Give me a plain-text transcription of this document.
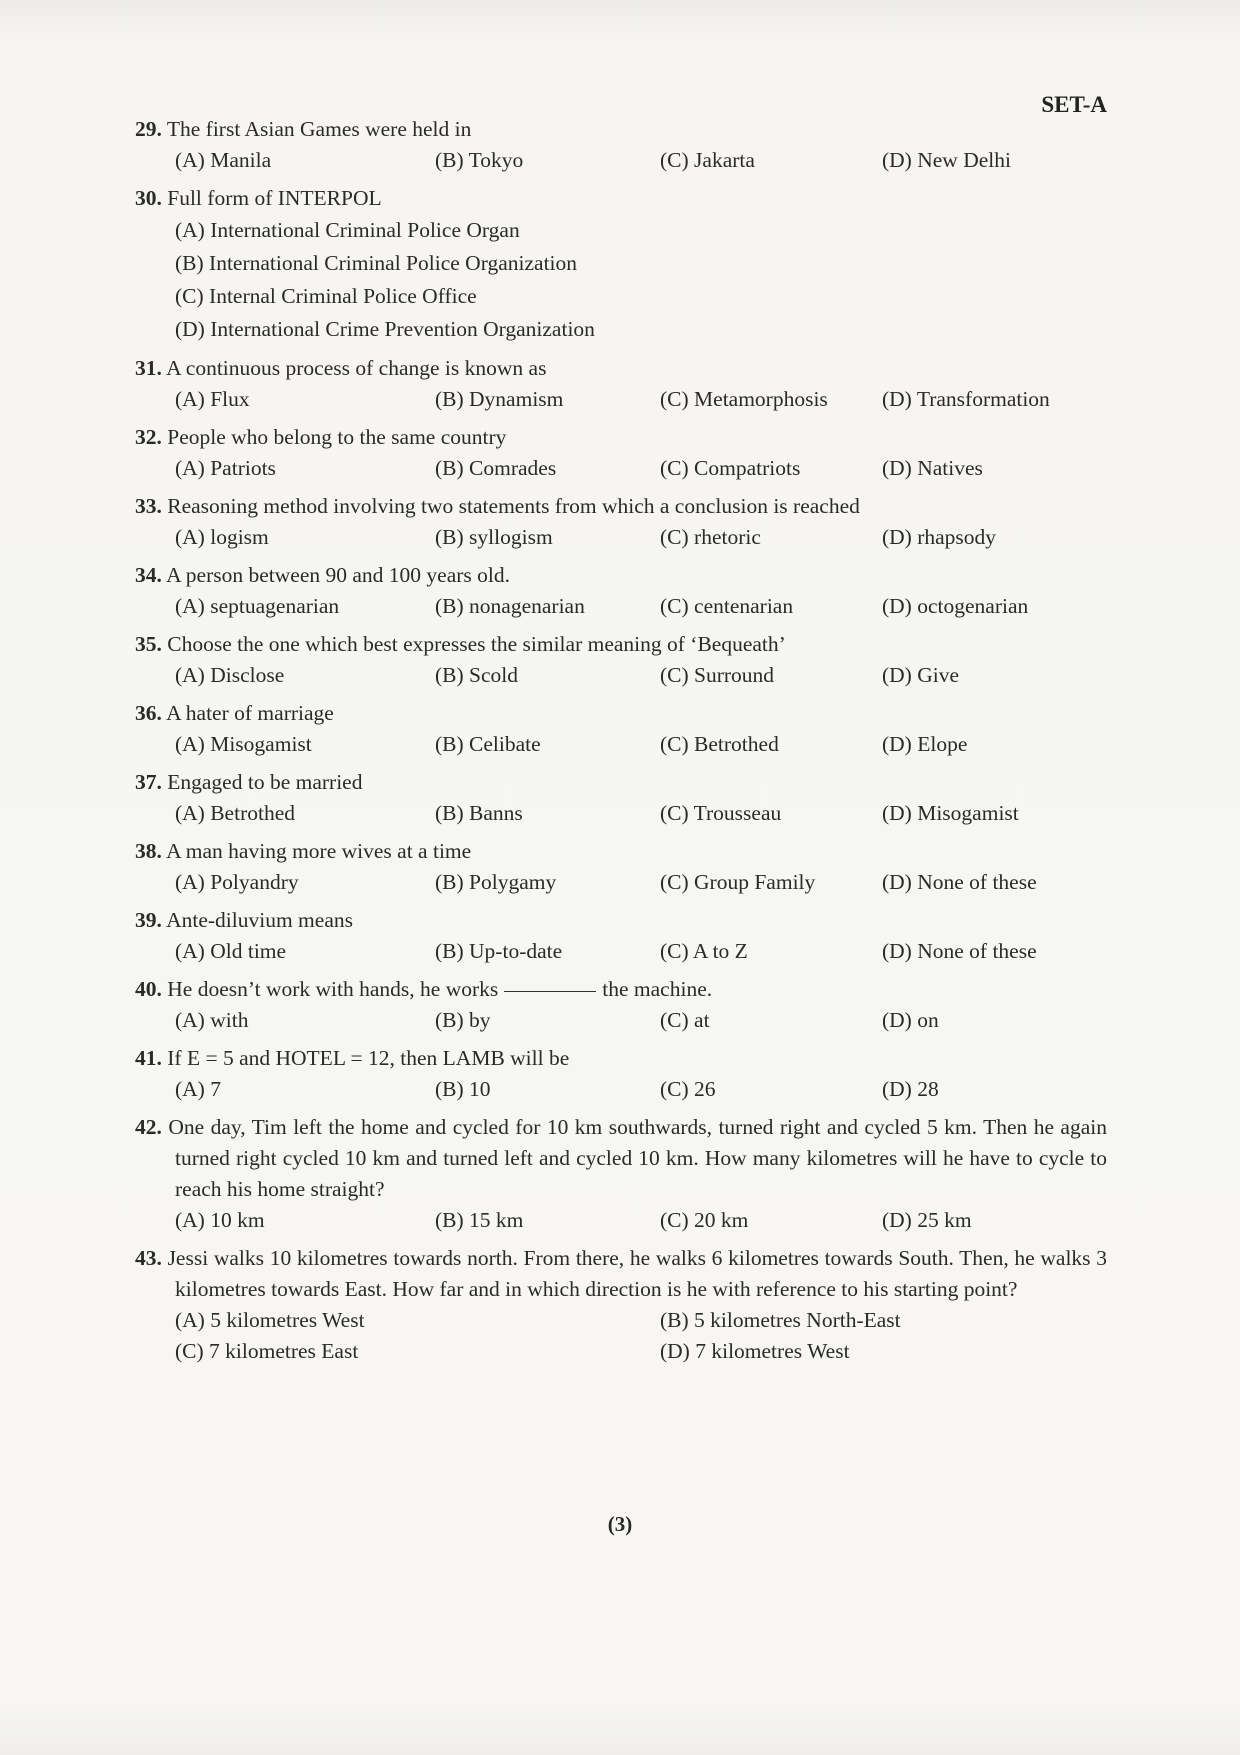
SET-A
29. The first Asian Games were held in
(A) Manila	(B) Tokyo	(C) Jakarta	(D) New Delhi
30. Full form of INTERPOL
(A) International Criminal Police Organ
(B) International Criminal Police Organization
(C) Internal Criminal Police Office
(D) International Crime Prevention Organization
31. A continuous process of change is known as
(A) Flux	(B) Dynamism	(C) Metamorphosis	(D) Transformation
32. People who belong to the same country
(A) Patriots	(B) Comrades	(C) Compatriots	(D) Natives
33. Reasoning method involving two statements from which a conclusion is reached
(A) logism	(B) syllogism	(C) rhetoric	(D) rhapsody
34. A person between 90 and 100 years old.
(A) septuagenarian	(B) nonagenarian	(C) centenarian	(D) octogenarian
35. Choose the one which best expresses the similar meaning of ‘Bequeath’
(A) Disclose	(B) Scold	(C) Surround	(D) Give
36. A hater of marriage
(A) Misogamist	(B) Celibate	(C) Betrothed	(D) Elope
37. Engaged to be married
(A) Betrothed	(B) Banns	(C) Trousseau	(D) Misogamist
38. A man having more wives at a time
(A) Polyandry	(B) Polygamy	(C) Group Family	(D) None of these
39. Ante-diluvium means
(A) Old time	(B) Up-to-date	(C) A to Z	(D) None of these
40. He doesn’t work with hands, he works	the machine.
(A) with	(B) by	(C) at	(D) on
41. If E = 5 and HOTEL = 12, then LAMB will be
(A) 7	(B) 10	(C) 26	(D) 28
42. One day, Tim left the home and cycled for 10 km southwards, turned right and cycled 5 km. Then he again turned right cycled 10 km and turned left and cycled 10 km. How many kilometres will he have to cycle to reach his home straight?
(A) 10 km	(B) 15 km	(C) 20 km	(D) 25 km
43. Jessi walks 10 kilometres towards north. From there, he walks 6 kilometres towards South. Then, he walks 3 kilometres towards East. How far and in which direction is he with reference to his starting point?
(A) 5 kilometres West	(B) 5 kilometres North-East
(C) 7 kilometres East	(D) 7 kilometres West
(3)
